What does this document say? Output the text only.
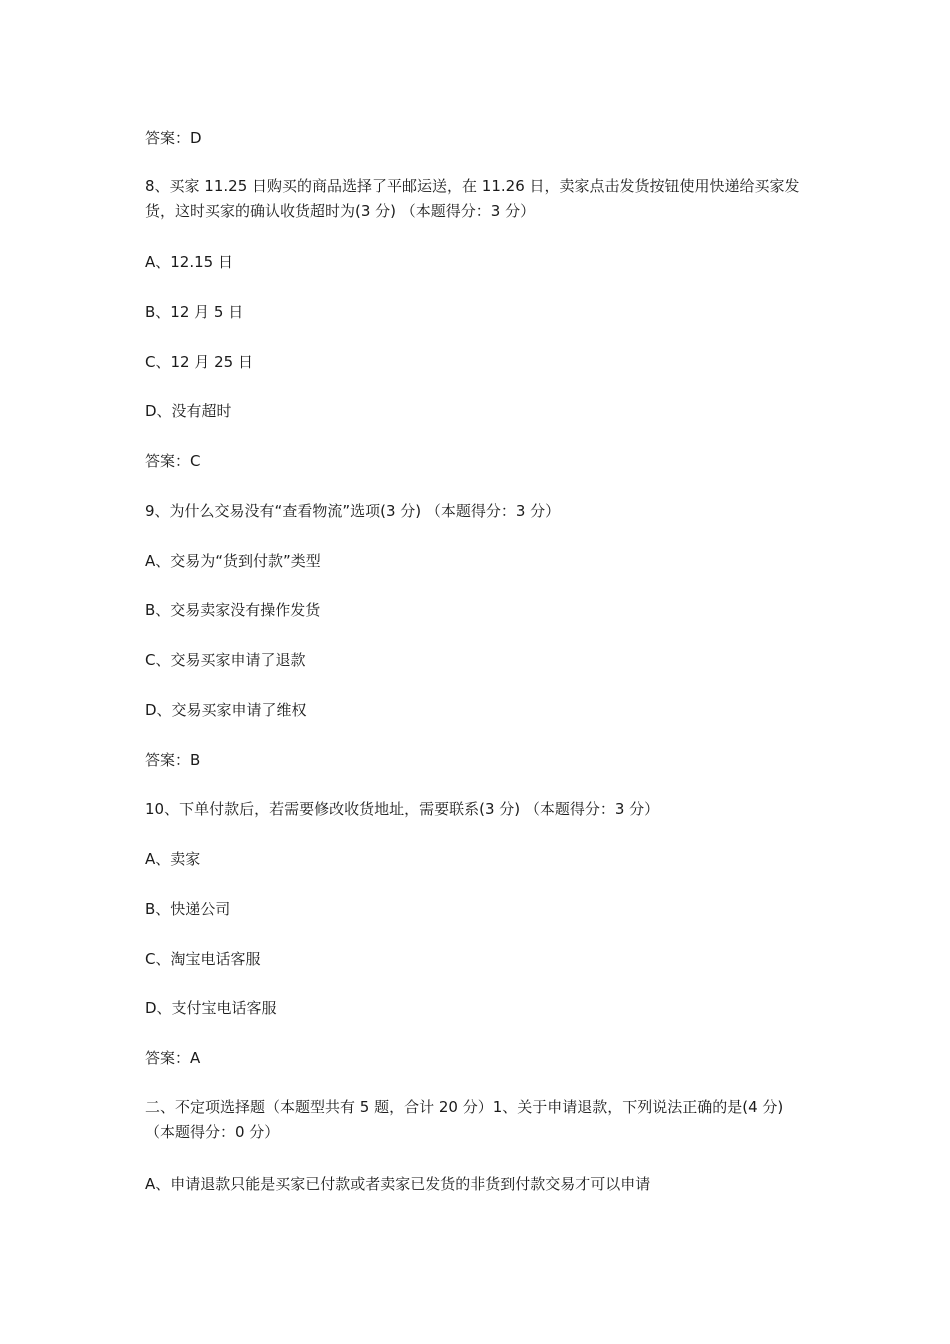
答案：D
8、买家 11.25 日购买的商品选择了平邮运送，在 11.26 日，卖家点击发货按钮使用快递给买家发货，这时买家的确认收货超时为(3 分) （本题得分：3 分）
A、12.15 日
B、12 月 5 日
C、12 月 25 日
D、没有超时
答案：C
9、为什么交易没有“查看物流”选项(3 分) （本题得分：3 分）
A、交易为“货到付款”类型
B、交易卖家没有操作发货
C、交易买家申请了退款
D、交易买家申请了维权
答案：B
10、下单付款后，若需要修改收货地址，需要联系(3 分) （本题得分：3 分）
A、卖家
B、快递公司
C、淘宝电话客服
D、支付宝电话客服
答案：A
二、不定项选择题（本题型共有 5 题，合计 20 分）1、关于申请退款，下列说法正确的是(4 分) （本题得分：0 分）
A、申请退款只能是买家已付款或者卖家已发货的非货到付款交易才可以申请
